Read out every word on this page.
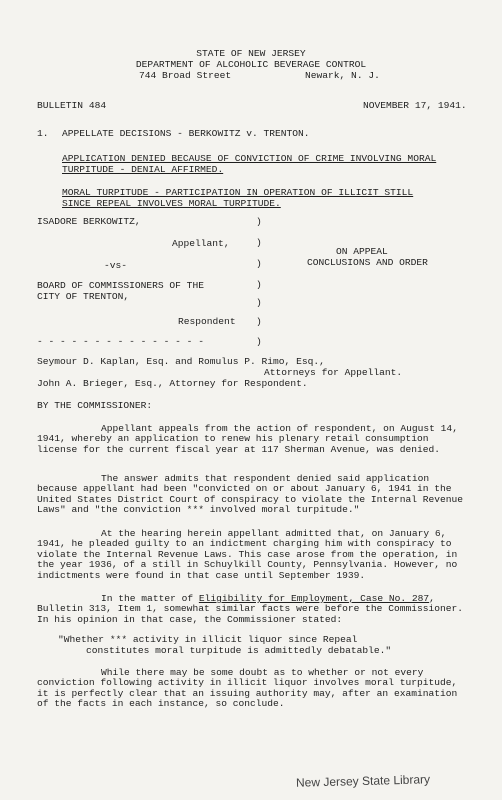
STATE OF NEW JERSEY
DEPARTMENT OF ALCOHOLIC BEVERAGE CONTROL
744 Broad Street	Newark, N. J.
BULLETIN 484	NOVEMBER 17, 1941.
1. APPELLATE DECISIONS - BERKOWITZ v. TRENTON.
APPLICATION DENIED BECAUSE OF CONVICTION OF CRIME INVOLVING MORAL
TURPITUDE - DENIAL AFFIRMED.
MORAL TURPITUDE - PARTICIPATION IN OPERATION OF ILLICIT STILL
SINCE REPEAL INVOLVES MORAL TURPITUDE.
ISADORE BERKOWITZ,
Appellant,
-vs-
BOARD OF COMMISSIONERS OF THE
CITY OF TRENTON,
Respondent
- - - - - - - - - - - - - - -
)
)
)
)
)
)
)
ON APPEAL
CONCLUSIONS AND ORDER
Seymour D. Kaplan, Esq. and Romulus P. Rimo, Esq.,
Attorneys for Appellant.
John A. Brieger, Esq., Attorney for Respondent.
BY THE COMMISSIONER:
Appellant appeals from the action of respondent, on August 14, 1941, whereby an application to renew his plenary retail consumption license for the current fiscal year at 117 Sherman Avenue, was denied.
The answer admits that respondent denied said application because appellant had been "convicted on or about January 6, 1941 in the United States District Court of conspiracy to violate the Internal Revenue Laws" and "the conviction *** involved moral turpitude."
At the hearing herein appellant admitted that, on January 6, 1941, he pleaded guilty to an indictment charging him with conspiracy to violate the Internal Revenue Laws. This case arose from the operation, in the year 1936, of a still in Schuylkill County, Pennsylvania. However, no indictments were found in that case until September 1939.
In the matter of Eligibility for Employment, Case No. 287, Bulletin 313, Item 1, somewhat similar facts were before the Commissioner. In his opinion in that case, the Commissioner stated:
"Whether *** activity in illicit liquor since Repeal
constitutes moral turpitude is admittedly debatable."
While there may be some doubt as to whether or not every conviction following activity in illicit liquor involves moral turpitude, it is perfectly clear that an issuing authority may, after an examination of the facts in each instance, so conclude.
New Jersey State Library
